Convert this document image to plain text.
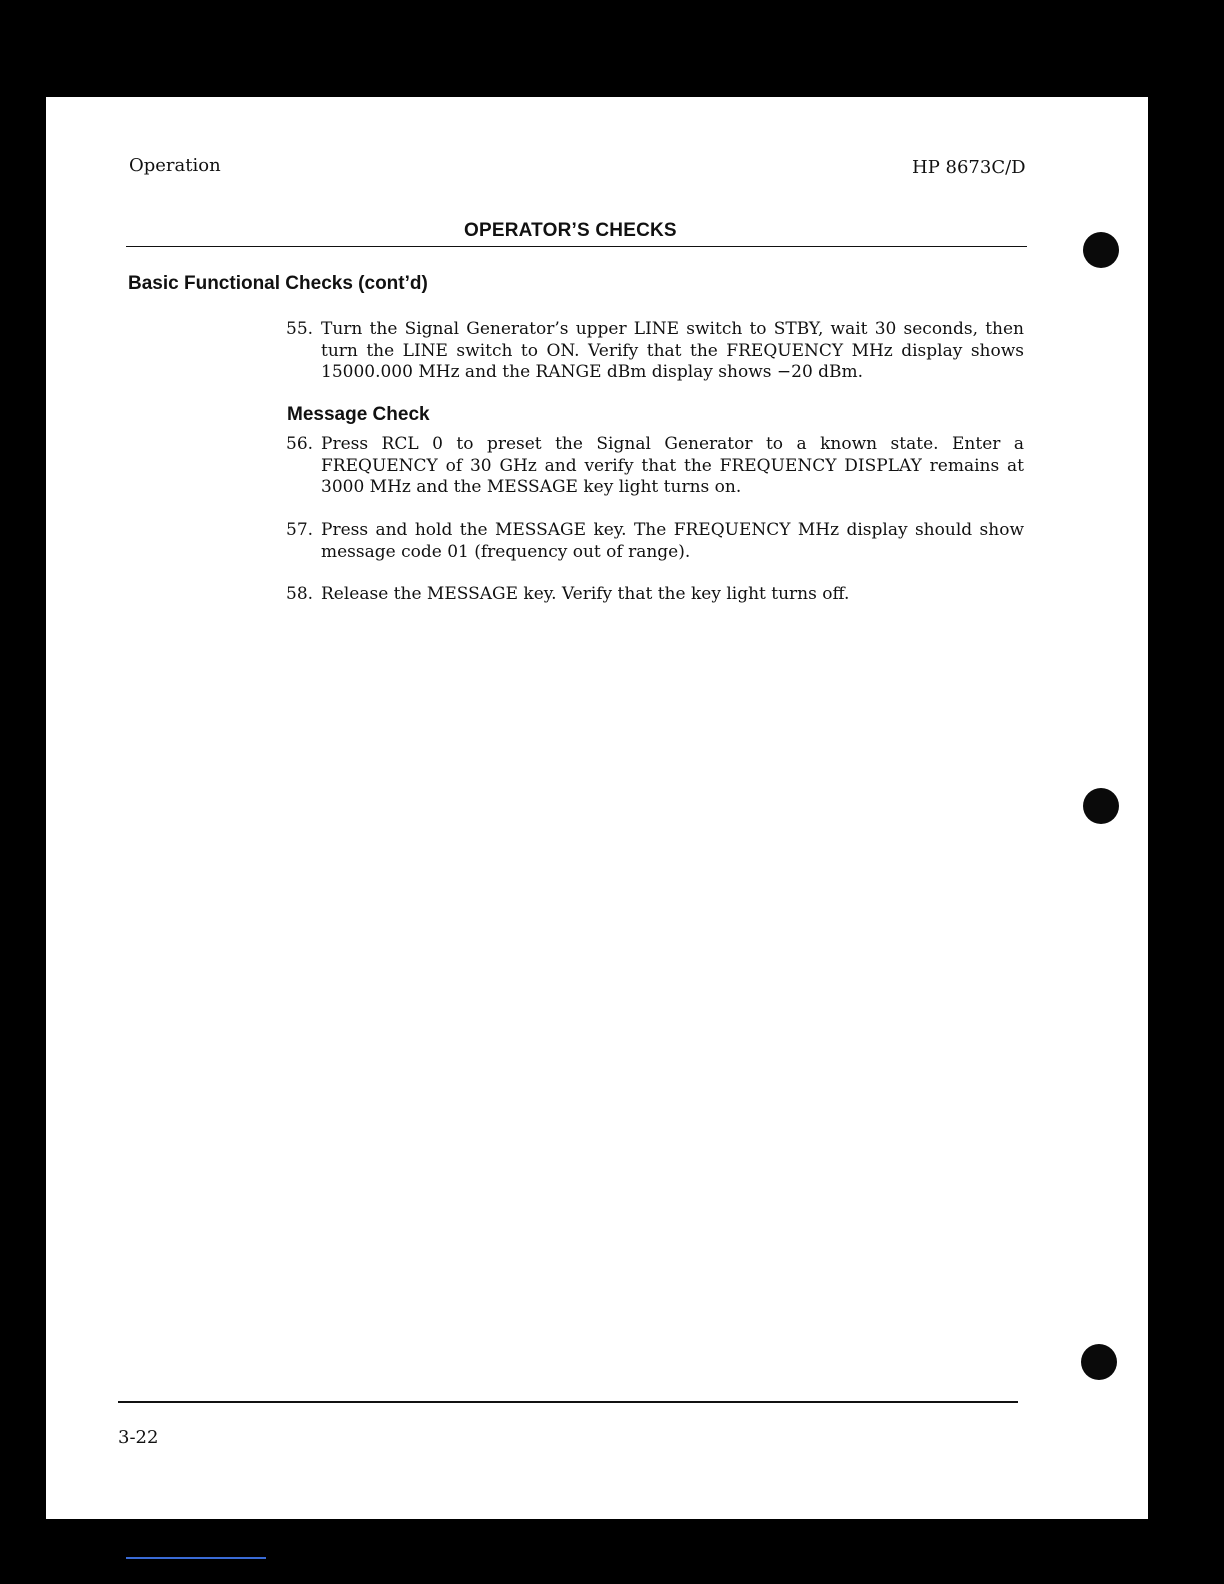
Operation	HP 8673C/D
OPERATOR’S CHECKS
Basic Functional Checks (cont’d)
55. Turn the Signal Generator’s upper LINE switch to STBY, wait 30 seconds, then turn the LINE switch to ON. Verify that the FREQUENCY MHz display shows 15000.000 MHz and the RANGE dBm display shows −20 dBm.
Message Check
56. Press RCL 0 to preset the Signal Generator to a known state. Enter a FREQUENCY of 30 GHz and verify that the FREQUENCY DISPLAY remains at 3000 MHz and the MESSAGE key light turns on.
57. Press and hold the MESSAGE key. The FREQUENCY MHz display should show message code 01 (frequency out of range).
58. Release the MESSAGE key. Verify that the key light turns off.
3-22
